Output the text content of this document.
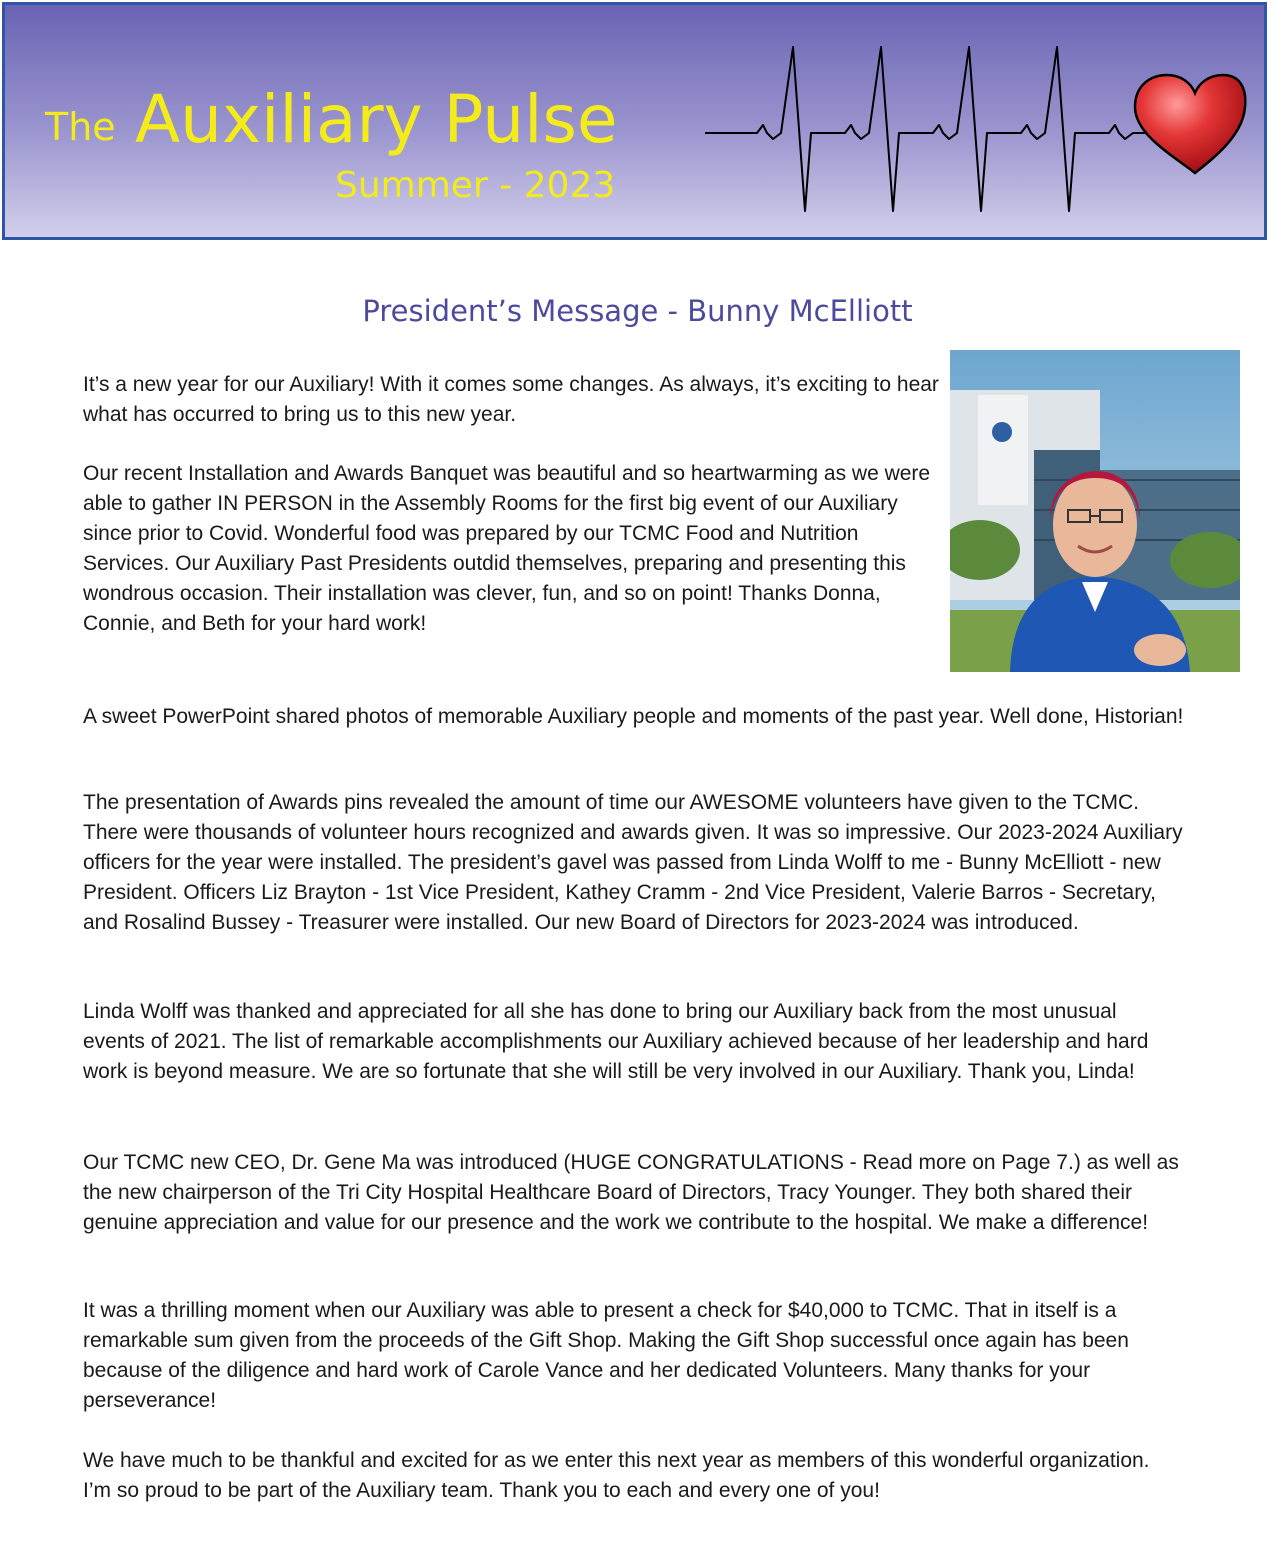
The Auxiliary Pulse
Summer - 2023
President’s Message - Bunny McElliott

It’s a new year for our Auxiliary! With it comes some changes. As always, it’s exciting to hear what has occurred to bring us to this new year.

Our recent Installation and Awards Banquet was beautiful and so heartwarming as we were able to gather IN PERSON in the Assembly Rooms for the first big event of our Auxiliary since prior to Covid. Wonderful food was prepared by our TCMC Food and Nutrition Services. Our Auxiliary Past Presidents outdid themselves, preparing and presenting this wondrous occasion. Their installation was clever, fun, and so on point! Thanks Donna, Connie, and Beth for your hard work!

A sweet PowerPoint shared photos of memorable Auxiliary people and moments of the past year. Well done, Historian!

The presentation of Awards pins revealed the amount of time our AWESOME volunteers have given to the TCMC. There were thousands of volunteer hours recognized and awards given. It was so impressive. Our 2023-2024 Auxiliary officers for the year were installed. The president’s gavel was passed from Linda Wolff to me - Bunny McElliott - new President. Officers Liz Brayton - 1st Vice President, Kathey Cramm - 2nd Vice President, Valerie Barros - Secretary, and Rosalind Bussey - Treasurer were installed. Our new Board of Directors for 2023-2024 was introduced.

Linda Wolff was thanked and appreciated for all she has done to bring our Auxiliary back from the most unusual events of 2021. The list of remarkable accomplishments our Auxiliary achieved because of her leadership and hard work is beyond measure. We are so fortunate that she will still be very involved in our Auxiliary. Thank you, Linda!

Our TCMC new CEO, Dr. Gene Ma was introduced (HUGE CONGRATULATIONS - Read more on Page 7.) as well as the new chairperson of the Tri City Hospital Healthcare Board of Directors, Tracy Younger. They both shared their genuine appreciation and value for our presence and the work we contribute to the hospital. We make a difference!

It was a thrilling moment when our Auxiliary was able to present a check for $40,000 to TCMC. That in itself is a remarkable sum given from the proceeds of the Gift Shop. Making the Gift Shop successful once again has been because of the diligence and hard work of Carole Vance and her dedicated Volunteers. Many thanks for your perseverance!

We have much to be thankful and excited for as we enter this next year as members of this wonderful organization. I’m so proud to be part of the Auxiliary team. Thank you to each and every one of you!
